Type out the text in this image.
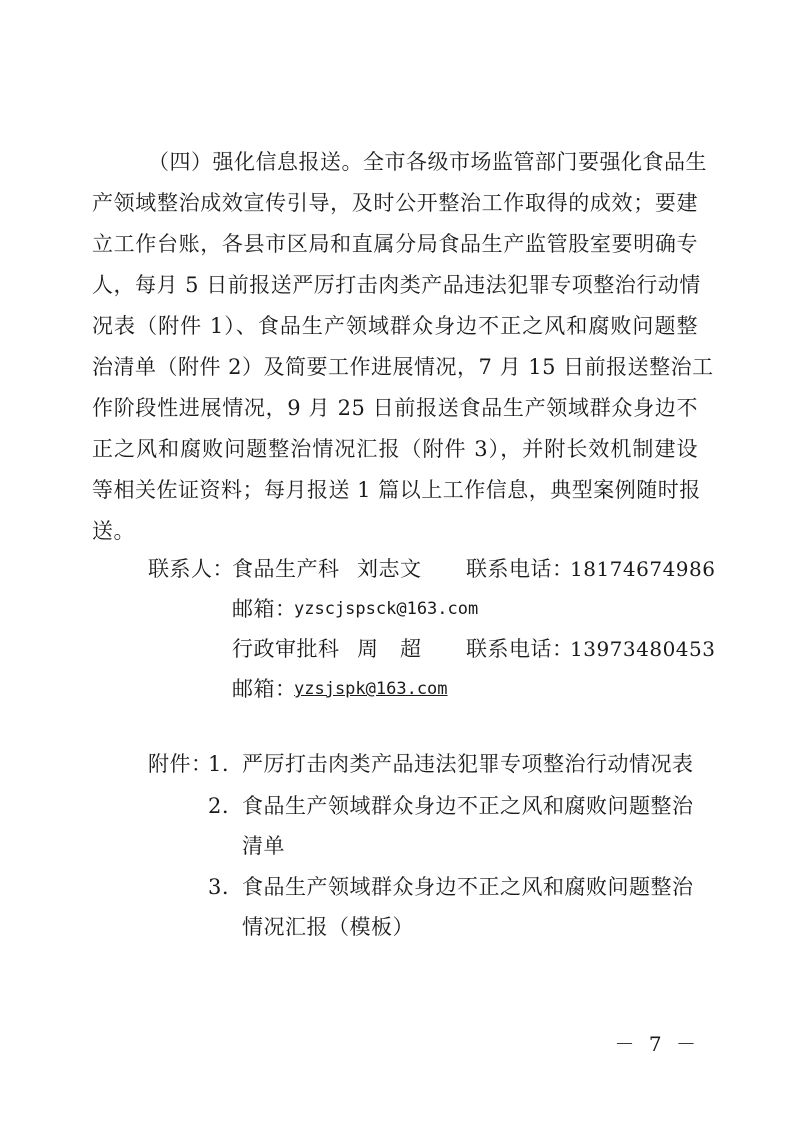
（四）强化信息报送。全市各级市场监管部门要强化食品生
产领域整治成效宣传引导，及时公开整治工作取得的成效；要建
立工作台账，各县市区局和直属分局食品生产监管股室要明确专
人，每月 5 日前报送严厉打击肉类产品违法犯罪专项整治行动情
况表（附件 1）、食品生产领域群众身边不正之风和腐败问题整
治清单（附件 2）及简要工作进展情况，7 月 15 日前报送整治工
作阶段性进展情况，9 月 25 日前报送食品生产领域群众身边不
正之风和腐败问题整治情况汇报（附件 3），并附长效机制建设
等相关佐证资料；每月报送 1 篇以上工作信息，典型案例随时报
送。
联系人：
食品生产科 刘志文 联系电话：
18174674986
邮箱：
yzscjspsck@163.com
行政审批科 周　超 联系电话：
13973480453
邮箱：
yzsjspk@163.com
附件：
1. 严厉打击肉类产品违法犯罪专项整治行动情况表
2. 食品生产领域群众身边不正之风和腐败问题整治
清单
3. 食品生产领域群众身边不正之风和腐败问题整治
情况汇报（模板）
－ 7 －
